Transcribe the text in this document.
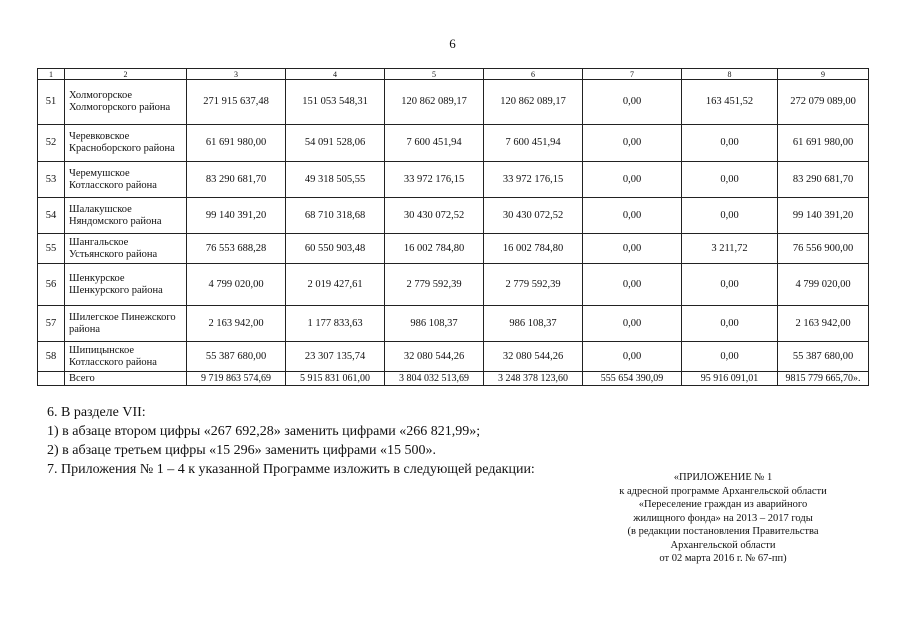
6
1	2	3	4	5	6	7	8	9
51	Холмогорское Холмогорского района	271 915 637,48	151 053 548,31	120 862 089,17	120 862 089,17	0,00	163 451,52	272 079 089,00
52	Черевковское Красноборского района	61 691 980,00	54 091 528,06	7 600 451,94	7 600 451,94	0,00	0,00	61 691 980,00
53	Черемушское Котласского района	83 290 681,70	49 318 505,55	33 972 176,15	33 972 176,15	0,00	0,00	83 290 681,70
54	Шалакушское Няндомского района	99 140 391,20	68 710 318,68	30 430 072,52	30 430 072,52	0,00	0,00	99 140 391,20
55	Шангальское Устьянского района	76 553 688,28	60 550 903,48	16 002 784,80	16 002 784,80	0,00	3 211,72	76 556 900,00
56	Шенкурское Шенкурского района	4 799 020,00	2 019 427,61	2 779 592,39	2 779 592,39	0,00	0,00	4 799 020,00
57	Шилегское Пинежского района	2 163 942,00	1 177 833,63	986 108,37	986 108,37	0,00	0,00	2 163 942,00
58	Шипицынское Котласского района	55 387 680,00	23 307 135,74	32 080 544,26	32 080 544,26	0,00	0,00	55 387 680,00
	Всего	9 719 863 574,69	5 915 831 061,00	3 804 032 513,69	3 248 378 123,60	555 654 390,09	95 916 091,01	9815 779 665,70».
6. В разделе VII:
1) в абзаце втором цифры «267 692,28» заменить цифрами «266 821,99»;
2) в абзаце третьем цифры «15 296» заменить цифрами «15 500».
7. Приложения № 1 – 4 к указанной Программе изложить в следующей редакции:
«ПРИЛОЖЕНИЕ № 1
к адресной программе Архангельской области
«Переселение граждан из аварийного
жилищного фонда» на 2013 – 2017 годы
(в редакции постановления Правительства
Архангельской области
от 02 марта 2016 г. № 67-пп)
